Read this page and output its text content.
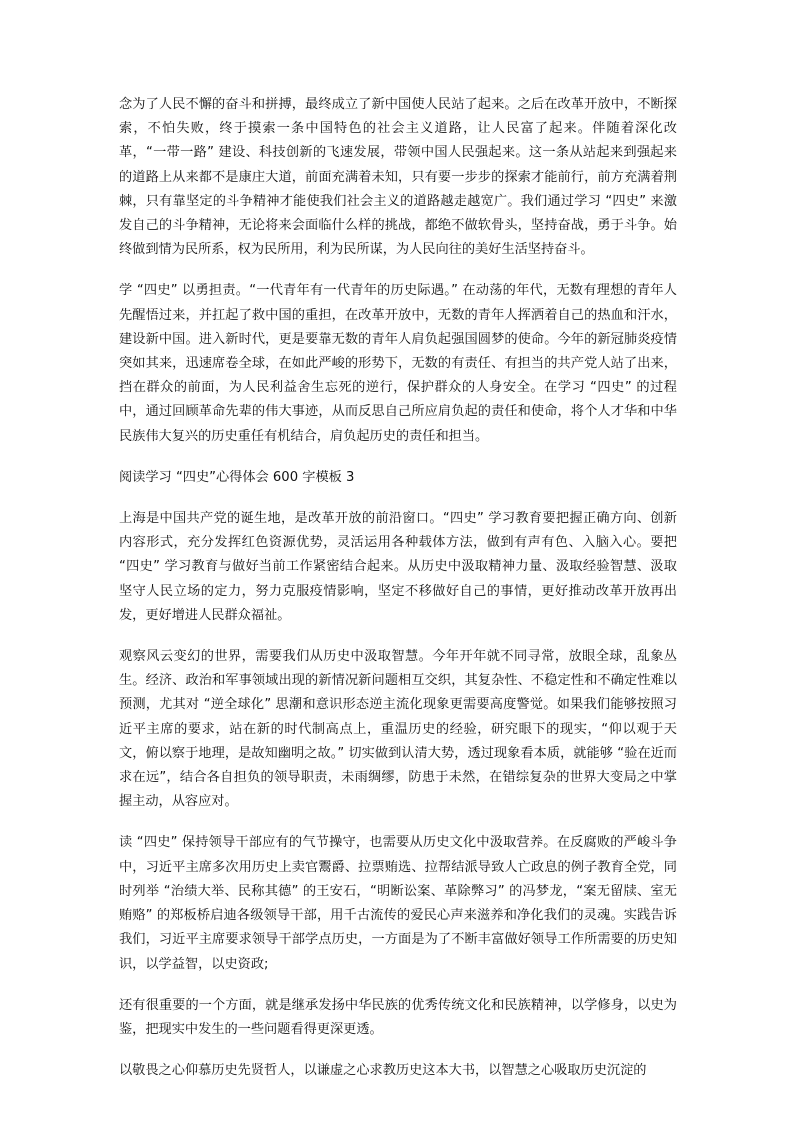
念为了人民不懈的奋斗和拼搏，最终成立了新中国使人民站了起来。之后在改革开放中，不断探索，不怕失败，终于摸索一条中国特色的社会主义道路，让人民富了起来。伴随着深化改革，“一带一路” 建设、科技创新的飞速发展，带领中国人民强起来。这一条从站起来到强起来的道路上从来都不是康庄大道，前面充满着未知，只有要一步步的探索才能前行，前方充满着荆棘，只有靠坚定的斗争精神才能使我们社会主义的道路越走越宽广。我们通过学习 “四史” 来激发自己的斗争精神，无论将来会面临什么样的挑战，都绝不做软骨头，坚持奋战，勇于斗争。始终做到情为民所系，权为民所用，利为民所谋，为人民向往的美好生活坚持奋斗。

学 “四史” 以勇担责。“一代青年有一代青年的历史际遇。” 在动荡的年代，无数有理想的青年人先醒悟过来，并扛起了救中国的重担，在改革开放中，无数的青年人挥洒着自己的热血和汗水，建设新中国。进入新时代，更是要靠无数的青年人肩负起强国圆梦的使命。今年的新冠肺炎疫情突如其来，迅速席卷全球，在如此严峻的形势下，无数的有责任、有担当的共产党人站了出来，挡在群众的前面，为人民利益舍生忘死的逆行，保护群众的人身安全。在学习 “四史” 的过程中，通过回顾革命先辈的伟大事迹，从而反思自己所应肩负起的责任和使命，将个人才华和中华民族伟大复兴的历史重任有机结合，肩负起历史的责任和担当。

阅读学习 “四史”心得体会 600 字模板 3

上海是中国共产党的诞生地，是改革开放的前沿窗口。“四史” 学习教育要把握正确方向、创新内容形式，充分发挥红色资源优势，灵活运用各种载体方法，做到有声有色、入脑入心。要把 “四史” 学习教育与做好当前工作紧密结合起来。从历史中汲取精神力量、汲取经验智慧、汲取坚守人民立场的定力，努力克服疫情影响，坚定不移做好自己的事情，更好推动改革开放再出发，更好增进人民群众福祉。

观察风云变幻的世界，需要我们从历史中汲取智慧。今年开年就不同寻常，放眼全球，乱象丛生。经济、政治和军事领域出现的新情况新问题相互交织，其复杂性、不稳定性和不确定性难以预测，尤其对 “逆全球化” 思潮和意识形态逆主流化现象更需要高度警觉。如果我们能够按照习近平主席的要求，站在新的时代制高点上，重温历史的经验，研究眼下的现实，“仰以观于天文，俯以察于地理，是故知幽明之故。” 切实做到认清大势，透过现象看本质，就能够 “验在近而求在远”，结合各自担负的领导职责，未雨绸缪，防患于未然，在错综复杂的世界大变局之中掌握主动，从容应对。

读 “四史” 保持领导干部应有的气节操守，也需要从历史文化中汲取营养。在反腐败的严峻斗争中，习近平主席多次用历史上卖官鬻爵、拉票贿选、拉帮结派导致人亡政息的例子教育全党，同时列举 “治绩大举、民称其德” 的王安石，“明断讼案、革除弊习” 的冯梦龙，“案无留牍、室无贿赂” 的郑板桥启迪各级领导干部，用千古流传的爱民心声来滋养和净化我们的灵魂。实践告诉我们，习近平主席要求领导干部学点历史，一方面是为了不断丰富做好领导工作所需要的历史知识，以学益智，以史资政;

还有很重要的一个方面，就是继承发扬中华民族的优秀传统文化和民族精神，以学修身，以史为鉴，把现实中发生的一些问题看得更深更透。

以敬畏之心仰慕历史先贤哲人，以谦虚之心求教历史这本大书，以智慧之心吸取历史沉淀的
